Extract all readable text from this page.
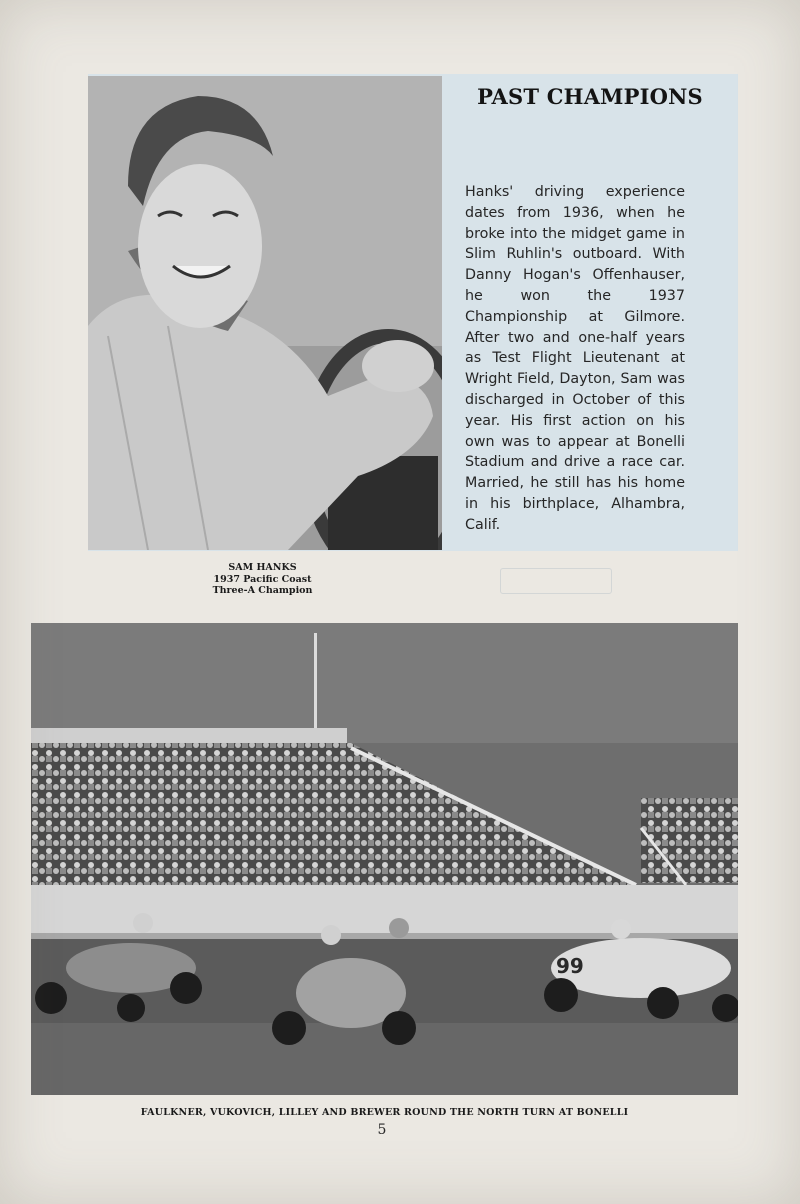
PAST CHAMPIONS

Hanks' driving experience dates from 1936, when he broke into the midget game in Slim Ruhlin's outboard. With Danny Hogan's Offenhauser, he won the 1937 Championship at Gilmore. After two and one-half years as Test Flight Lieutenant at Wright Field, Dayton, Sam was discharged in October of this year. His first action on his own was to appear at Bonelli Stadium and drive a race car. Married, he still has his home in his birthplace, Alhambra, Calif.

SAM HANKS
1937 Pacific Coast
Three-A Champion
99

FAULKNER, VUKOVICH, LILLEY AND BREWER ROUND THE NORTH TURN AT BONELLI

5
